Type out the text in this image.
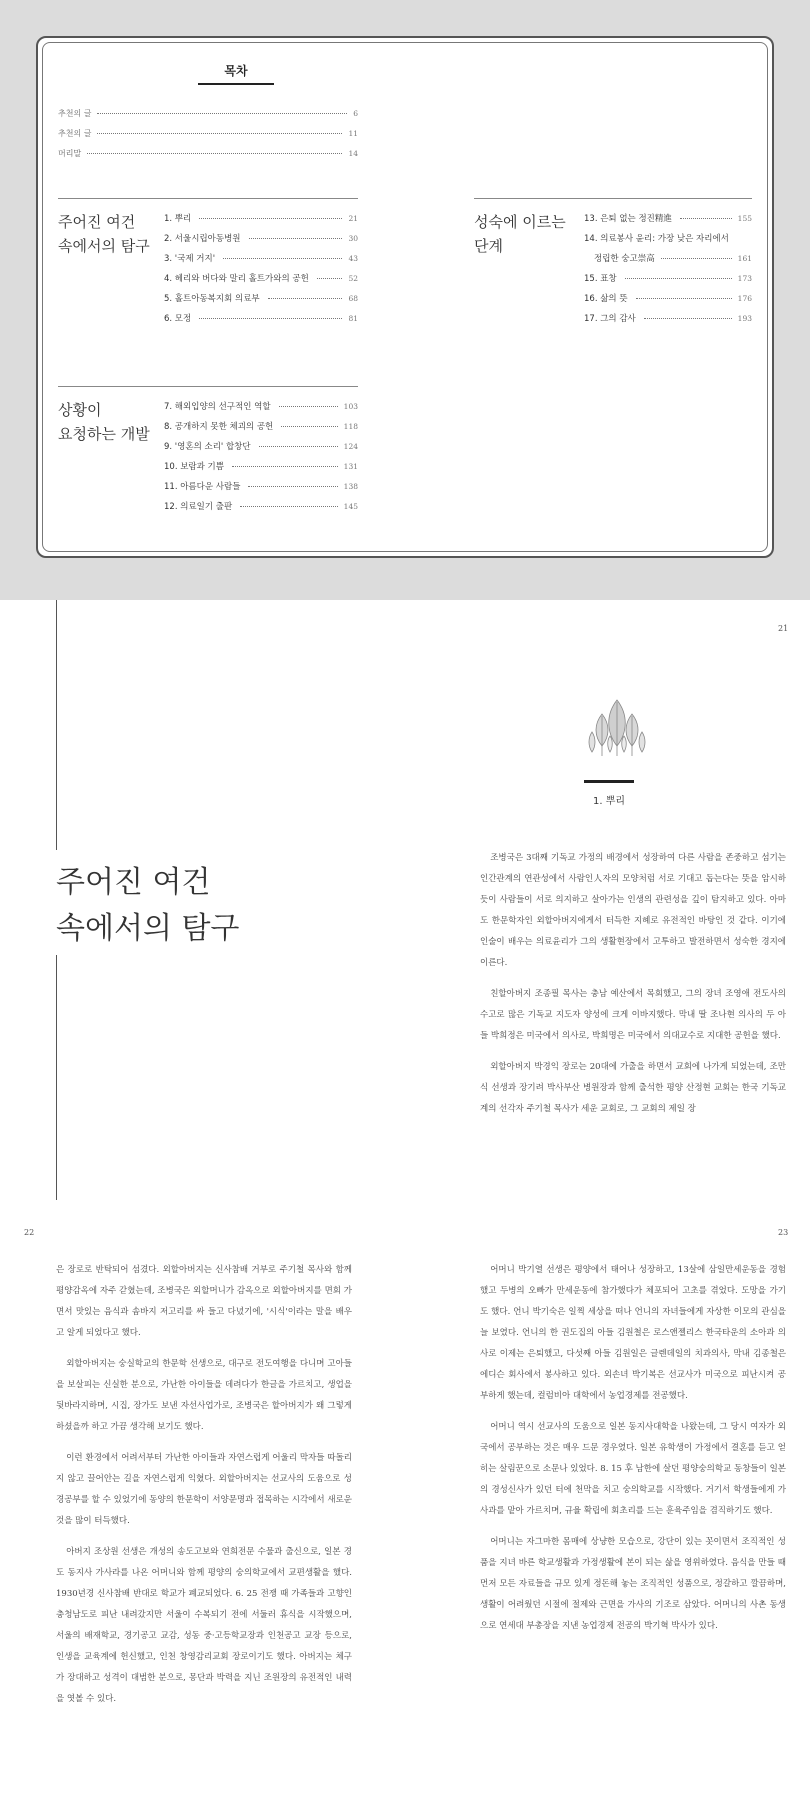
목차
추천의 글	6
추천의 글	11
머리말	14
주어진 여건
속에서의 탐구
1. 뿌리	21
2. 서울시립아동병원	30
3. '국제 거지'	43
4. 헤리와 버다와 말리 홀트가와의 공헌	52
5. 홀트아동복지회 의료부	68
6. 모정	81
상황이
요청하는 개발
7. 해외입양의 선구적인 역할	103
8. 공개하지 못한 체괴의 공헌	118
9. '영혼의 소리' 합창단	124
10. 보람과 기쁨	131
11. 아름다운 사람들	138
12. 의료일기 출판	145
성숙에 이르는
단계
13. 은퇴 없는 정진精進	155
14. 의료봉사 윤리: 가장 낮은 자리에서
정립한 숭고崇高	161
15. 표창	173
16. 삶의 뜻	176
17. 그의 감사	193
21
주어진 여건
속에서의 탐구
1. 뿌리

조병국은 3대째 기독교 가정의 배경에서 성장하여 다른 사람을 존중하고 섬기는 인간관계의 연관성에서 사람인人자의 모양처럼 서로 기대고 돕는다는 뜻을 암시하듯이 사람들이 서로 의지하고 살아가는 인생의 관련성을 깊이 탐지하고 있다. 아마도 한문학자인 외할아버지에게서 터득한 지혜로 유전적인 바탕인 것 같다. 이기에 인술이 배우는 의료윤리가 그의 생활현장에서 고투하고 발전하면서 성숙한 경지에 이른다.

친할아버지 조종필 목사는 충남 예산에서 목회했고, 그의 장녀 조영애 전도사의 수고로 많은 기독교 지도자 양성에 크게 이바지했다. 막내 딸 조나현 의사의 두 아들 박희정은 미국에서 의사로, 박희명은 미국에서 의대교수로 지대한 공헌을 했다.

외할아버지 박경익 장로는 20대에 가출을 하면서 교회에 나가게 되었는데, 조만식 선생과 장기려 박사부산 병원장과 함께 출석한 평양 산정현 교회는 한국 기독교계의 선각자 주기철 목사가 세운 교회로, 그 교회의 제일 장

22	23

은 장로로 반탁되어 섬겼다. 외할아버지는 신사참배 거부로 주기철 목사와 함께 평양감옥에 자주 갇혔는데, 조병국은 외할머니가 감옥으로 외할아버지를 면회 가면서 맛있는 음식과 솜바지 저고리를 싸 들고 다녔기에, '시식'이라는 말을 배우고 알게 되었다고 했다.

외할아버지는 숭실학교의 한문학 선생으로, 대구로 전도여행을 다니며 고아들을 보살피는 신실한 분으로, 가난한 아이들을 데려다가 한글을 가르치고, 생업을 뒷바라지하며, 시집, 장가도 보낸 자선사업가로, 조병국은 할아버지가 왜 그렇게 하셨을까 하고 가끔 생각해 보기도 했다.

이런 환경에서 어려서부터 가난한 아이들과 자연스럽게 어울리 막자들 따돌리지 않고 끌어안는 길을 자연스럽게 익혔다. 외할아버지는 선교사의 도움으로 성경공부를 할 수 있었기에 동양의 한문학이 서양문명과 접목하는 시각에서 새로운 것을 많이 터득했다.

아버지 조상원 선생은 개성의 송도고보와 연희전문 수물과 출신으로, 일본 경도 동지사 가사라를 나온 어머니와 함께 평양의 숭의학교에서 교편생활을 했다. 1930년경 신사참배 반대로 학교가 폐교되었다. 6. 25 전쟁 때 가족들과 고향인 충청남도로 피난 내려갔지만 서울이 수복되기 전에 서둘러 휴식을 시작했으며, 서울의 배재학교, 경기공고 교감, 성동 중·고등학교장과 인천공고 교장 등으로, 인생을 교육계에 헌신했고, 인천 창영감리교회 장로이기도 했다. 아버지는 체구가 장대하고 성격이 대범한 분으로, 몽단과 박력을 지닌 조원장의 유전적인 내력을 엿볼 수 있다.

어머니 박기열 선생은 평양에서 태어나 성장하고, 13살에 삼일만세운동을 경험했고 두병의 오빠가 만세운동에 참가했다가 체포되어 고초를 겪었다. 도망을 가기도 했다. 언니 박기숙은 일찍 세상을 떠나 언니의 자녀들에게 자상한 이모의 관심을 늘 보였다. 언니의 한 권도집의 아들 김원철은 로스앤젤리스 한국타운의 소아과 의사로 이제는 은퇴했고, 다섯째 아들 김원일은 글렌데일의 치과의사, 막내 김종철은 에디슨 회사에서 봉사하고 있다. 외손녀 박기복은 선교사가 미국으로 피난시켜 공부하게 했는데, 컬럼비아 대학에서 농업경제를 전공했다.

어머니 역시 선교사의 도움으로 일본 동지사대학을 나왔는데, 그 당시 여자가 외국에서 공부하는 것은 매우 드문 경우였다. 일본 유학생이 가정에서 결혼를 듣고 얻히는 살림꾼으로 소문나 있었다. 8. 15 후 남한에 살던 평양숭의학교 동창들이 일본의 경성신사가 있던 터에 천막을 치고 숭의학교를 시작했다. 거기서 학생들에게 가사과를 맡아 가르치며, 규율 확립에 회초리를 드는 훈육주임을 겸직하기도 했다.

어머니는 자그마한 몸매에 상냥한 모습으로, 강단이 있는 꼿이면서 조직적인 성품을 지녀 바른 학교생활과 가정생활에 본이 되는 삶을 영위하였다. 음식을 만들 때 먼저 모든 자료들을 규모 있게 정돈해 놓는 조직적인 성품으로, 정갈하고 깔끔하며, 생활이 어려웠던 시절에 절제와 근면을 가사의 기조로 삼았다. 어머니의 사촌 동생으로 연세대 부총장을 지낸 농업경제 전공의 박기혁 박사가 있다.
